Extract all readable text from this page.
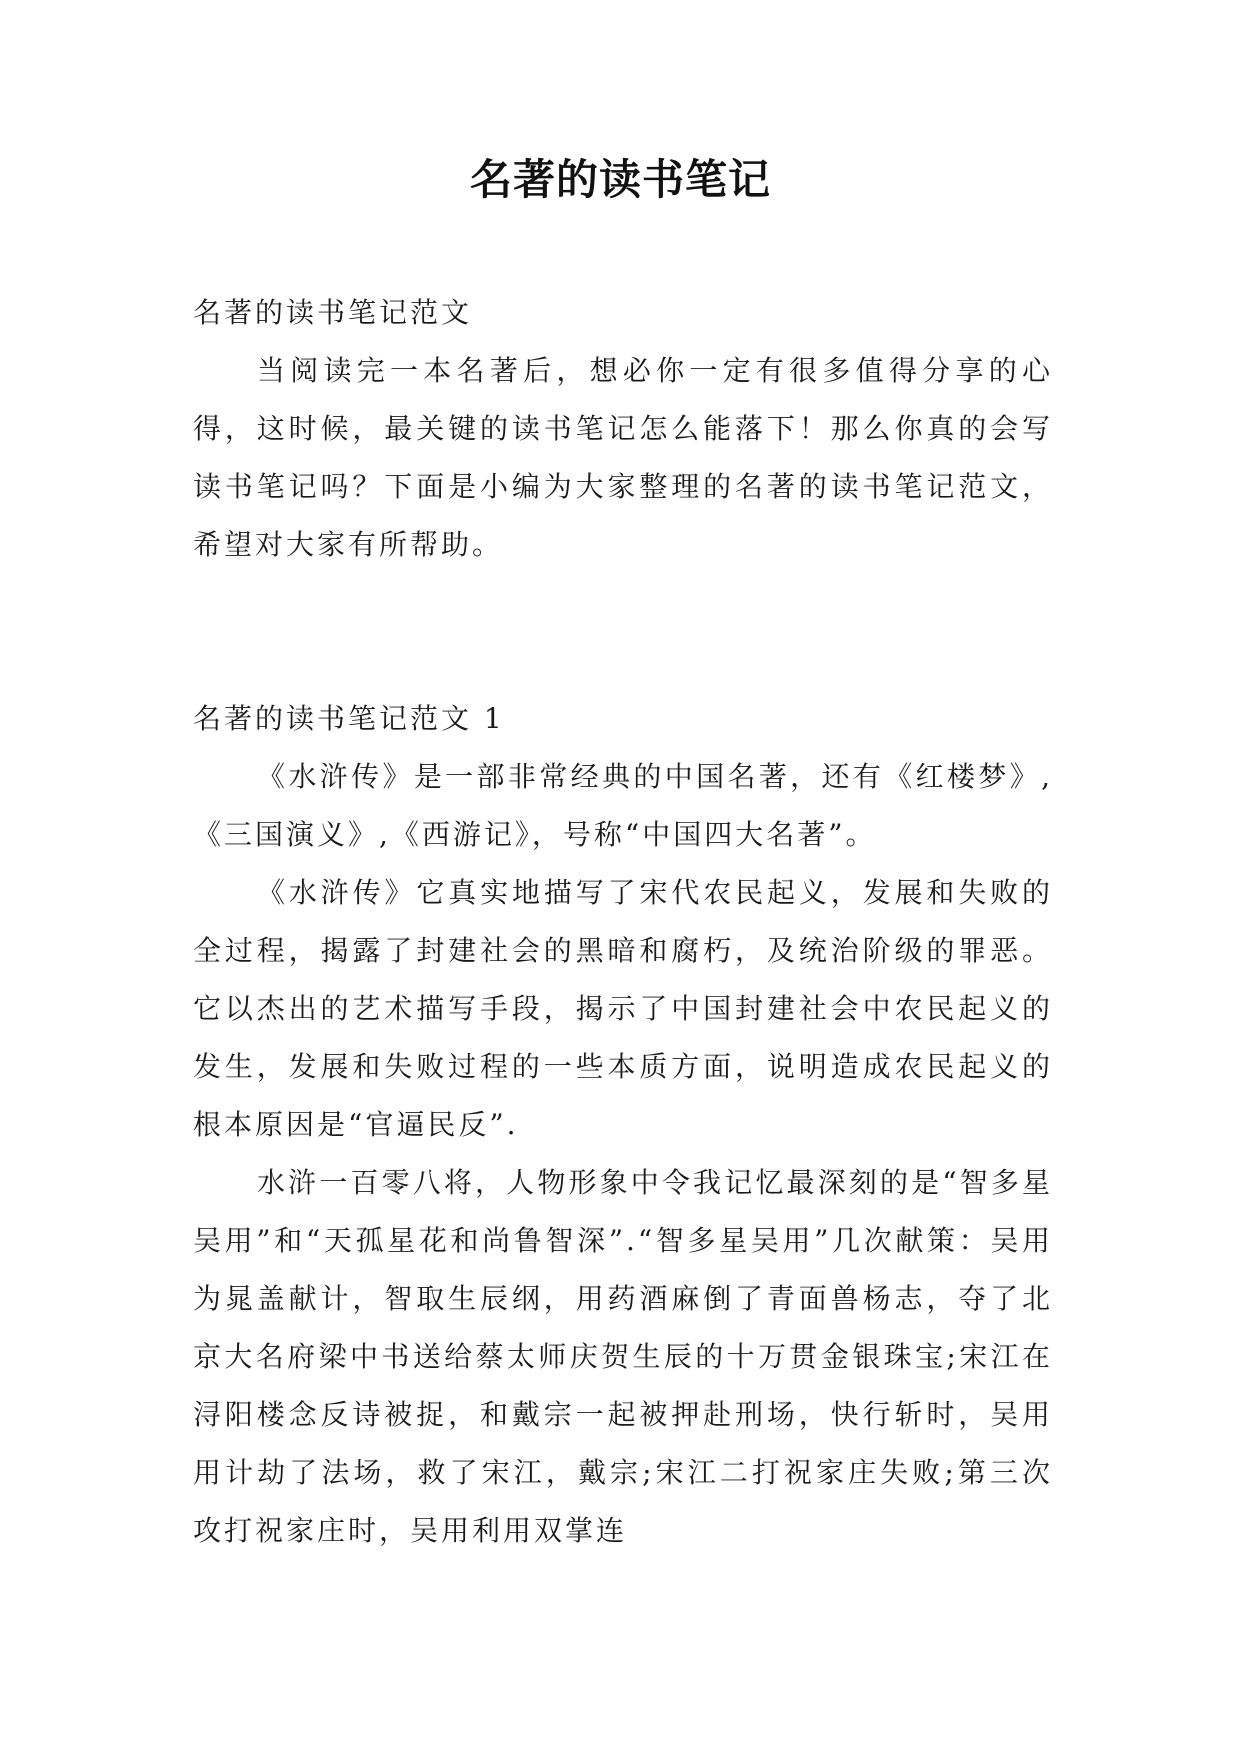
名著的读书笔记

名著的读书笔记范文

当阅读完一本名著后，想必你一定有很多值得分享的心得，这时候，最关键的读书笔记怎么能落下！那么你真的会写读书笔记吗？下面是小编为大家整理的名著的读书笔记范文，希望对大家有所帮助。

名著的读书笔记范文 1

《水浒传》是一部非常经典的中国名著，还有《红楼梦》,《三国演义》,《西游记》，号称“中国四大名著”。

《水浒传》它真实地描写了宋代农民起义，发展和失败的全过程，揭露了封建社会的黑暗和腐朽，及统治阶级的罪恶。它以杰出的艺术描写手段，揭示了中国封建社会中农民起义的发生，发展和失败过程的一些本质方面，说明造成农民起义的根本原因是“官逼民反”.

水浒一百零八将，人物形象中令我记忆最深刻的是“智多星吴用”和“天孤星花和尚鲁智深”.“智多星吴用”几次献策：吴用为晁盖献计，智取生辰纲，用药酒麻倒了青面兽杨志，夺了北京大名府梁中书送给蔡太师庆贺生辰的十万贯金银珠宝;宋江在浔阳楼念反诗被捉，和戴宗一起被押赴刑场，快行斩时，吴用用计劫了法场，救了宋江，戴宗;宋江二打祝家庄失败;第三次攻打祝家庄时，吴用利用双掌连
